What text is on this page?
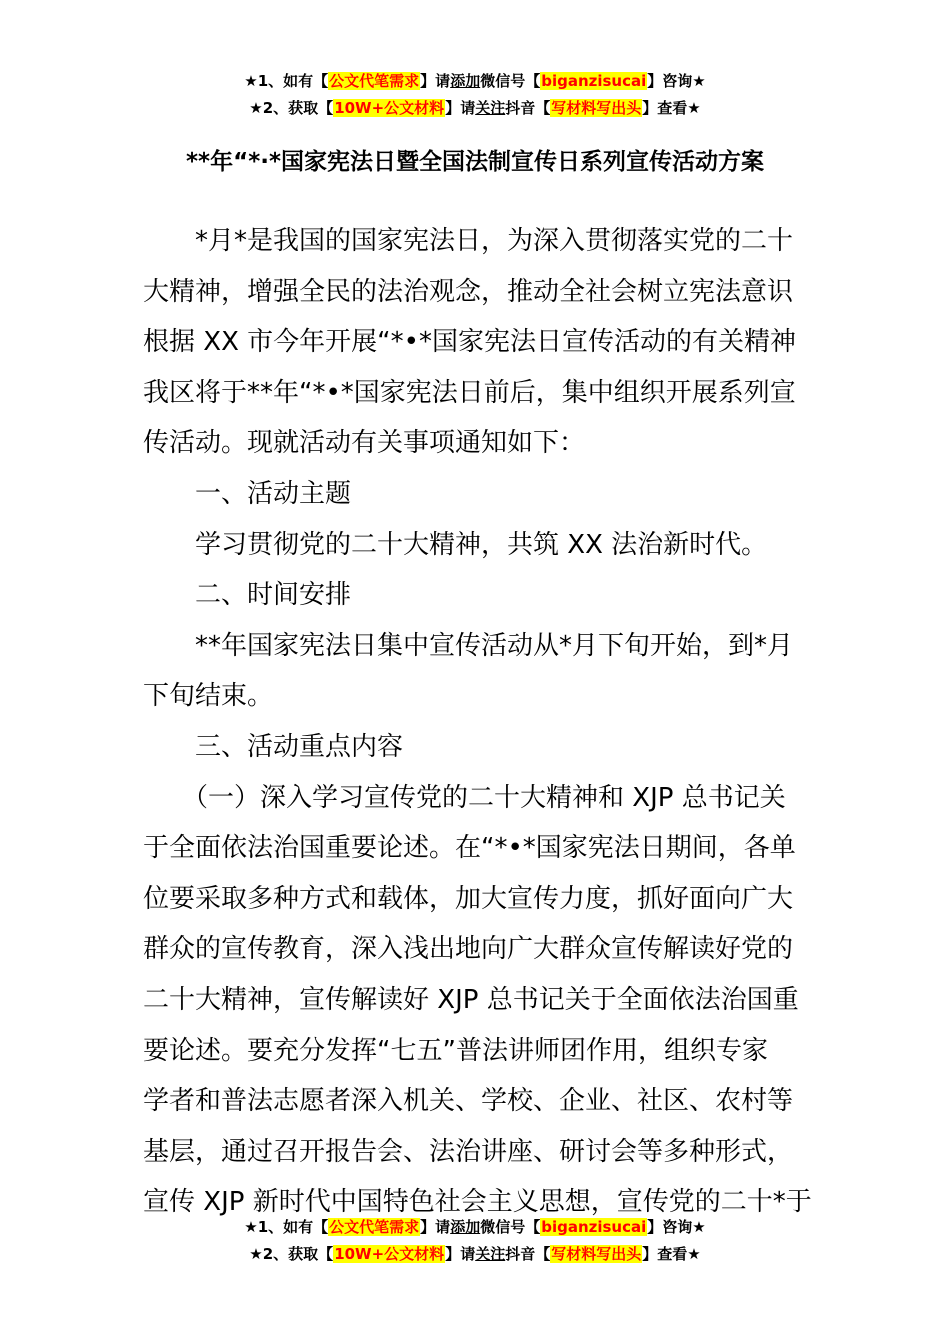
★1、如有【公文代笔需求】请添加微信号【biganzisucai】咨询★
★2、获取【10W+公文材料】请关注抖音【写材料写出头】查看★
**年“*·*国家宪法日暨全国法制宣传日系列宣传活动方案
　　*月*是我国的国家宪法日，为深入贯彻落实党的二十
大精神，增强全民的法治观念，推动全社会树立宪法意识
根据 XX 市今年开展“*•*国家宪法日宣传活动的有关精神
我区将于**年“*•*国家宪法日前后，集中组织开展系列宣
传活动。现就活动有关事项通知如下：
　　一、活动主题
　　学习贯彻党的二十大精神，共筑 XX 法治新时代。
　　二、时间安排
　　**年国家宪法日集中宣传活动从*月下旬开始，到*月
下旬结束。
　　三、活动重点内容
　　（一）深入学习宣传党的二十大精神和 XJP 总书记关
于全面依法治国重要论述。在“*•*国家宪法日期间，各单
位要采取多种方式和载体，加大宣传力度，抓好面向广大
群众的宣传教育，深入浅出地向广大群众宣传解读好党的
二十大精神，宣传解读好 XJP 总书记关于全面依法治国重
要论述。要充分发挥“七五”普法讲师团作用，组织专家
学者和普法志愿者深入机关、学校、企业、社区、农村等
基层，通过召开报告会、法治讲座、研讨会等多种形式，
宣传 XJP 新时代中国特色社会主义思想，宣传党的二十*于
★1、如有【公文代笔需求】请添加微信号【biganzisucai】咨询★
★2、获取【10W+公文材料】请关注抖音【写材料写出头】查看★
